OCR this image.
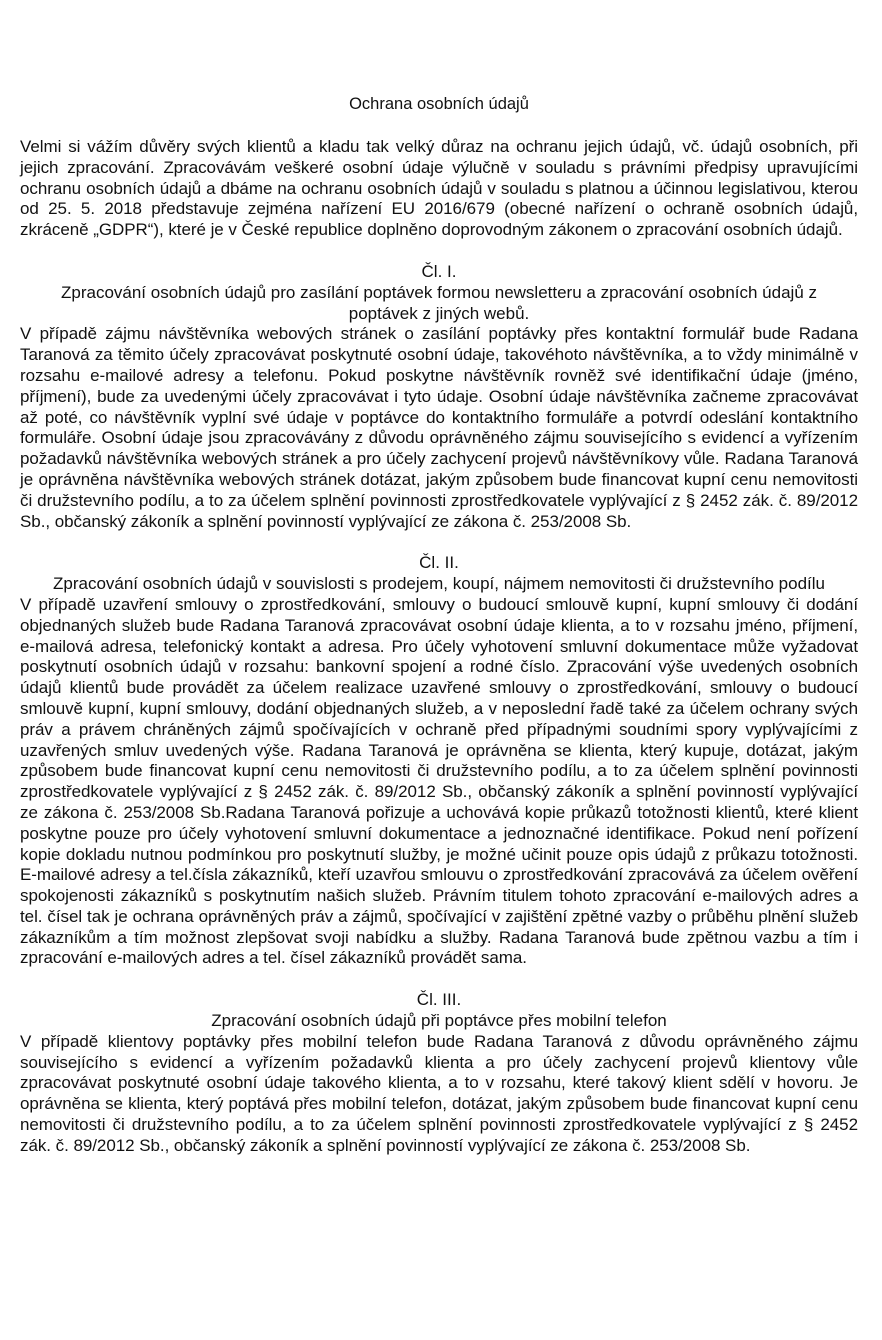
Ochrana osobních údajů

Velmi si vážím důvěry svých klientů a kladu tak velký důraz na ochranu jejich údajů, vč. údajů osobních, při jejich zpracování. Zpracovávám veškeré osobní údaje výlučně v souladu s právními předpisy upravujícími ochranu osobních údajů a dbáme na ochranu osobních údajů v souladu s platnou a účinnou legislativou, kterou od 25. 5. 2018 představuje zejména nařízení EU 2016/679 (obecné nařízení o ochraně osobních údajů, zkráceně „GDPR“), které je v České republice doplněno doprovodným zákonem o zpracování osobních údajů.

Čl. I.
Zpracování osobních údajů pro zasílání poptávek formou newsletteru a zpracování osobních údajů z poptávek z jiných webů.

V případě zájmu návštěvníka webových stránek o zasílání poptávky přes kontaktní formulář bude Radana Taranová za těmito účely zpracovávat poskytnuté osobní údaje, takovéhoto návštěvníka, a to vždy minimálně v rozsahu e-mailové adresy a telefonu. Pokud poskytne návštěvník rovněž své identifikační údaje (jméno, příjmení), bude za uvedenými účely zpracovávat i tyto údaje. Osobní údaje návštěvníka začneme zpracovávat až poté, co návštěvník vyplní své údaje v poptávce do kontaktního formuláře a potvrdí odeslání kontaktního formuláře. Osobní údaje jsou zpracovávány z důvodu oprávněného zájmu souvisejícího s evidencí a vyřízením požadavků návštěvníka webových stránek a pro účely zachycení projevů návštěvníkovy vůle. Radana Taranová je oprávněna návštěvníka webových stránek dotázat, jakým způsobem bude financovat kupní cenu nemovitosti či družstevního podílu, a to za účelem splnění povinnosti zprostředkovatele vyplývající z § 2452 zák. č. 89/2012 Sb., občanský zákoník a splnění povinností vyplývající ze zákona č. 253/2008 Sb.

Čl. II.
Zpracování osobních údajů v souvislosti s prodejem, koupí, nájmem nemovitosti či družstevního podílu

V případě uzavření smlouvy o zprostředkování, smlouvy o budoucí smlouvě kupní, kupní smlouvy či dodání objednaných služeb bude Radana Taranová zpracovávat osobní údaje klienta, a to v rozsahu jméno, příjmení, e-mailová adresa, telefonický kontakt a adresa. Pro účely vyhotovení smluvní dokumentace může vyžadovat poskytnutí osobních údajů v rozsahu: bankovní spojení a rodné číslo. Zpracování výše uvedených osobních údajů klientů bude provádět za účelem realizace uzavřené smlouvy o zprostředkování, smlouvy o budoucí smlouvě kupní, kupní smlouvy, dodání objednaných služeb, a v neposlední řadě také za účelem ochrany svých práv a právem chráněných zájmů spočívajících v ochraně před případnými soudními spory vyplývajícími z uzavřených smluv uvedených výše. Radana Taranová je oprávněna se klienta, který kupuje, dotázat, jakým způsobem bude financovat kupní cenu nemovitosti či družstevního podílu, a to za účelem splnění povinnosti zprostředkovatele vyplývající z § 2452 zák. č. 89/2012 Sb., občanský zákoník a splnění povinností vyplývající ze zákona č. 253/2008 Sb.Radana Taranová pořizuje a uchovává kopie průkazů totožnosti klientů, které klient poskytne pouze pro účely vyhotovení smluvní dokumentace a jednoznačné identifikace. Pokud není pořízení kopie dokladu nutnou podmínkou pro poskytnutí služby, je možné učinit pouze opis údajů z průkazu totožnosti. E-mailové adresy a tel.čísla zákazníků, kteří uzavřou smlouvu o zprostředkování zpracovává za účelem ověření spokojenosti zákazníků s poskytnutím našich služeb. Právním titulem tohoto zpracování e-mailových adres a tel. čísel tak je ochrana oprávněných práv a zájmů, spočívající v zajištění zpětné vazby o průběhu plnění služeb zákazníkům a tím možnost zlepšovat svoji nabídku a služby. Radana Taranová bude zpětnou vazbu a tím i zpracování e-mailových adres a tel. čísel zákazníků provádět sama.

Čl. III.
Zpracování osobních údajů při poptávce přes mobilní telefon

V případě klientovy poptávky přes mobilní telefon bude Radana Taranová z důvodu oprávněného zájmu souvisejícího s evidencí a vyřízením požadavků klienta a pro účely zachycení projevů klientovy vůle zpracovávat poskytnuté osobní údaje takového klienta, a to v rozsahu, které takový klient sdělí v hovoru. Je oprávněna se klienta, který poptává přes mobilní telefon, dotázat, jakým způsobem bude financovat kupní cenu nemovitosti či družstevního podílu, a to za účelem splnění povinnosti zprostředkovatele vyplývající z § 2452 zák. č. 89/2012 Sb., občanský zákoník a splnění povinností vyplývající ze zákona č. 253/2008 Sb.
